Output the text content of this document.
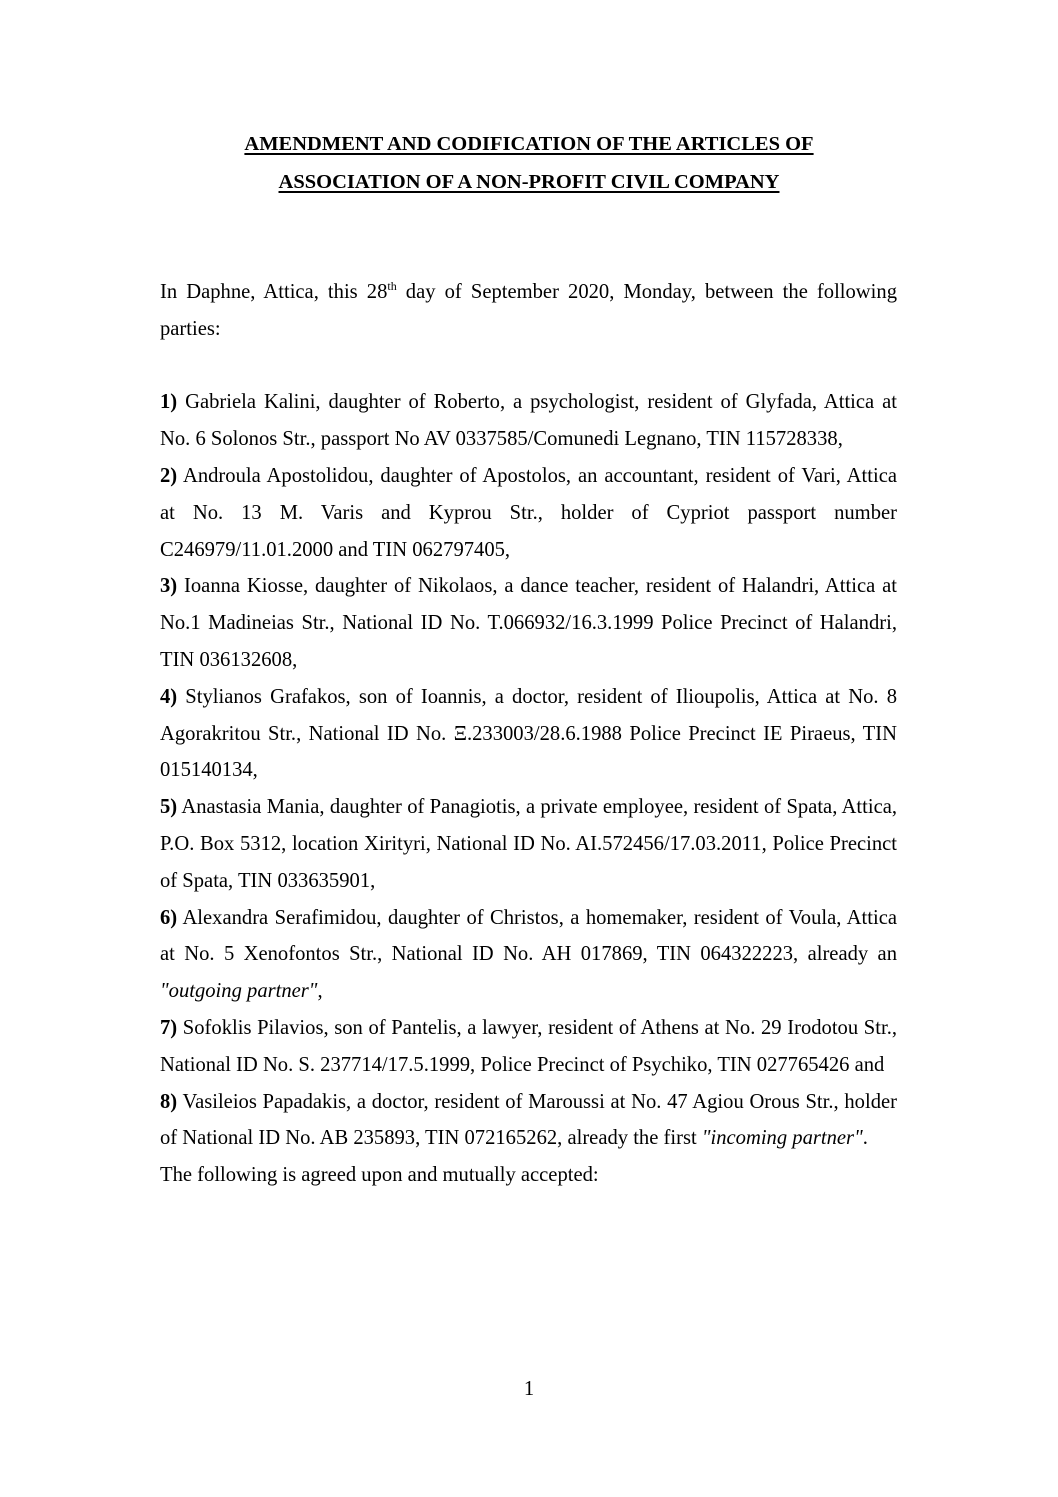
AMENDMENT AND CODIFICATION OF THE ARTICLES OF
ASSOCIATION OF A NON-PROFIT CIVIL COMPANY

In Daphne, Attica, this 28th day of September 2020, Monday, between the following parties:

1) Gabriela Kalini, daughter of Roberto, a psychologist, resident of Glyfada, Attica at No. 6 Solonos Str., passport No AV 0337585/Comunedi Legnano, TIN 115728338,

2) Androula Apostolidou, daughter of Apostolos, an accountant, resident of Vari, Attica at No. 13 M. Varis and Kyprou Str., holder of Cypriot passport number C246979/11.01.2000 and TIN 062797405,

3) Ioanna Kiosse, daughter of Nikolaos, a dance teacher, resident of Halandri, Attica at No.1 Madineias Str., National ID No. T.066932/16.3.1999 Police Precinct of Halandri, TIN 036132608,

4) Stylianos Grafakos, son of Ioannis, a doctor, resident of Ilioupolis, Attica at No. 8 Agorakritou Str., National ID No. Ξ.233003/28.6.1988 Police Precinct IE Piraeus, TIN 015140134,

5) Anastasia Mania, daughter of Panagiotis, a private employee, resident of Spata, Attica, P.O. Box 5312, location Xirityri, National ID No. AI.572456/17.03.2011, Police Precinct of Spata, TIN 033635901,

6) Alexandra Serafimidou, daughter of Christos, a homemaker, resident of Voula, Attica at No. 5 Xenofontos Str., National ID No. AH 017869, TIN 064322223, already an "outgoing partner",

7) Sofoklis Pilavios, son of Pantelis, a lawyer, resident of Athens at No. 29 Irodotou Str., National ID No. S. 237714/17.5.1999, Police Precinct of Psychiko, TIN 027765426 and

8) Vasileios Papadakis, a doctor, resident of Maroussi at No. 47 Agiou Orous Str., holder of National ID No. AB 235893, TIN 072165262, already the first "incoming partner".

The following is agreed upon and mutually accepted:

1
